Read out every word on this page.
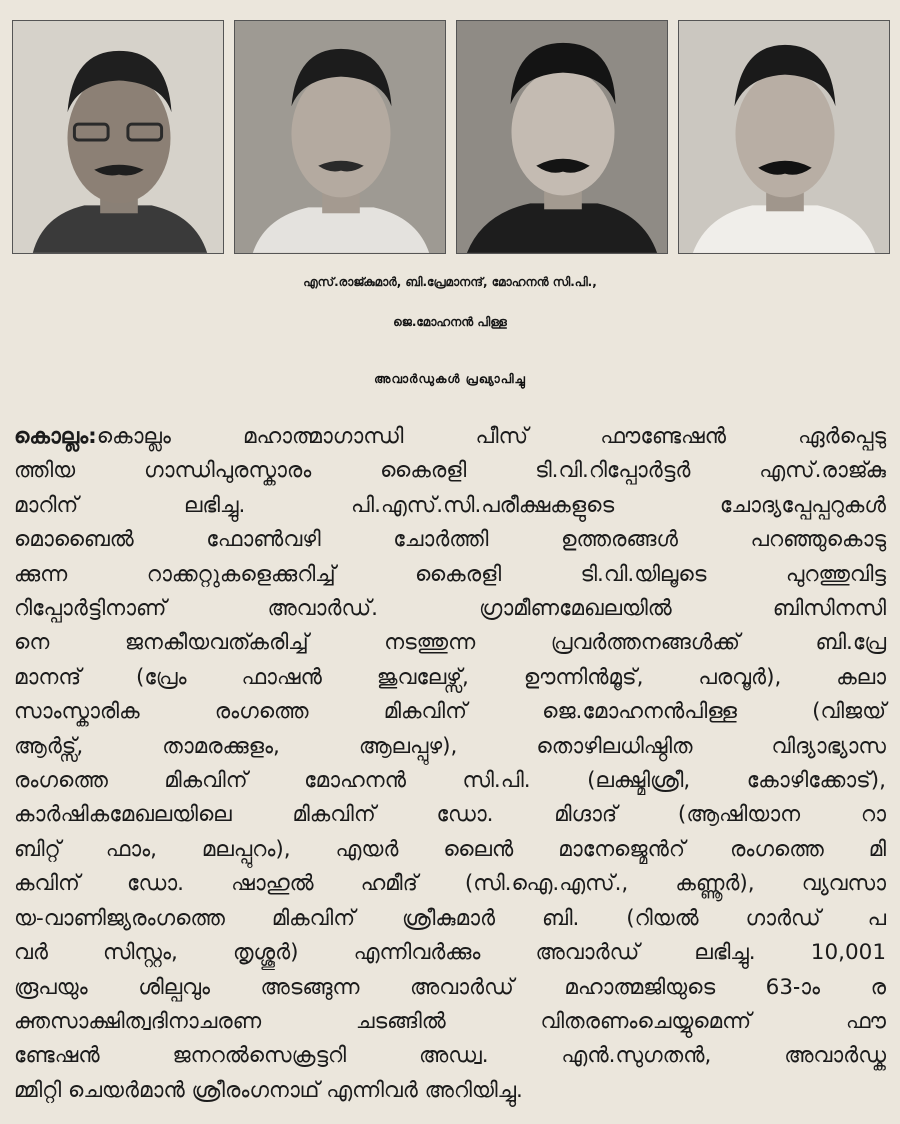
എസ്.രാജ്കുമാർ, ബി.പ്രേമാനന്ദ്, മോഹനൻ സി.പി.,
ജെ.മോഹനൻ പിള്ള
അവാർഡുകൾ പ്രഖ്യാപിച്ചു
കൊല്ലം:കൊല്ലം മഹാത്മാഗാന്ധി പീസ് ഫൗണ്ടേഷൻ ഏർപ്പെടു
ത്തിയ ഗാന്ധിപുരസ്കാരം കൈരളി ടി.വി.റിപ്പോർട്ടർ എസ്.രാജ്കു
മാറിന് ലഭിച്ചു. പി.എസ്.സി.പരീക്ഷകളുടെ ചോദ്യപ്പേപ്പറുകൾ
മൊബൈൽ ഫോൺവഴി ചോർത്തി ഉത്തരങ്ങൾ പറഞ്ഞുകൊടു
ക്കുന്ന റാക്കറ്റുകളെക്കുറിച്ച് കൈരളി ടി.വി.യിലൂടെ പുറത്തുവിട്ട
റിപ്പോർട്ടിനാണ് അവാർഡ്. ഗ്രാമീണമേഖലയിൽ ബിസിനസി
നെ ജനകീയവത്കരിച്ച് നടത്തുന്ന പ്രവർത്തനങ്ങൾക്ക് ബി.പ്രേ
മാനന്ദ് (പ്രേം ഫാഷൻ ജുവലേഴ്സ്, ഊന്നിൻമൂട്, പരവൂർ), കലാ
സാംസ്കാരിക രംഗത്തെ മികവിന് ജെ.മോഹനൻപിള്ള (വിജയ്
ആർട്സ്, താമരക്കുളം, ആലപ്പുഴ), തൊഴിലധിഷ്ഠിത വിദ്യാഭ്യാസ
രംഗത്തെ മികവിന് മോഹനൻ സി.പി. (ലക്ഷ്മിശ്രീ, കോഴിക്കോട്),
കാർഷികമേഖലയിലെ മികവിന് ഡോ. മിഗ്ദാദ് (ആഷിയാന റാ
ബിറ്റ് ഫാം, മലപ്പുറം), എയർ ലൈൻ മാനേജ്മെൻറ് രംഗത്തെ മി
കവിന് ഡോ. ഷാഹുൽ ഹമീദ് (സി.ഐ.എസ്., കണ്ണൂർ), വ്യവസാ
യ-വാണിജ്യരംഗത്തെ മികവിന് ശ്രീകുമാർ ബി. (റിയൽ ഗാർഡ് പ
വർ സിസ്റ്റം, തൃശ്ശൂർ) എന്നിവർക്കും അവാർഡ് ലഭിച്ചു. 10,001
രൂപയും ശില്പവും അടങ്ങുന്ന അവാർഡ് മഹാത്മജിയുടെ 63-ാം ര
ക്തസാക്ഷിത്വദിനാചരണ ചടങ്ങിൽ വിതരണംചെയ്യുമെന്ന് ഫൗ
ണ്ടേഷൻ ജനറൽസെക്രട്ടറി അഡ്വ. എൻ.സുഗതൻ, അവാർഡ്ക
മ്മിറ്റി ചെയർമാൻ ശ്രീരംഗനാഥ് എന്നിവർ അറിയിച്ചു.
